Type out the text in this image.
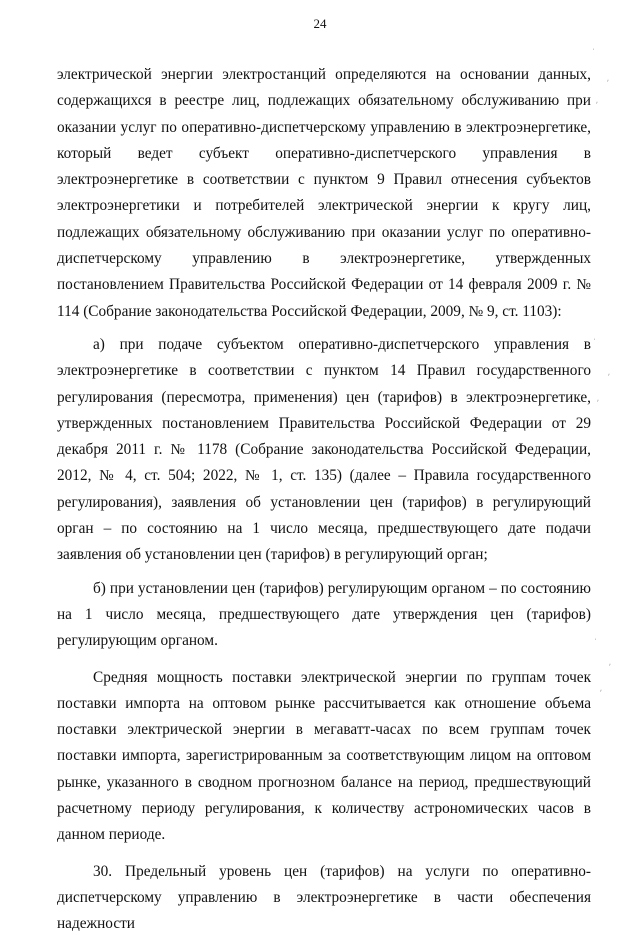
24

электрической энергии электростанций определяются на основании данных, содержащихся в реестре лиц, подлежащих обязательному обслуживанию при оказании услуг по оперативно-диспетчерскому управлению в электроэнергетике, который ведет субъект оперативно-диспетчерского управления в электроэнергетике в соответствии с пунктом 9 Правил отнесения субъектов электроэнергетики и потребителей электрической энергии к кругу лиц, подлежащих обязательному обслуживанию при оказании услуг по оперативно-диспетчерскому управлению в электроэнергетике, утвержденных постановлением Правительства Российской Федерации от 14 февраля 2009 г. № 114 (Собрание законодательства Российской Федерации, 2009, № 9, ст. 1103):

а) при подаче субъектом оперативно-диспетчерского управления в электроэнергетике в соответствии с пунктом 14 Правил государственного регулирования (пересмотра, применения) цен (тарифов) в электроэнергетике, утвержденных постановлением Правительства Российской Федерации от 29 декабря 2011 г. № 1178 (Собрание законодательства Российской Федерации, 2012, № 4, ст. 504; 2022, № 1, ст. 135) (далее – Правила государственного регулирования), заявления об установлении цен (тарифов) в регулирующий орган – по состоянию на 1 число месяца, предшествующего дате подачи заявления об установлении цен (тарифов) в регулирующий орган;

б) при установлении цен (тарифов) регулирующим органом – по состоянию на 1 число месяца, предшествующего дате утверждения цен (тарифов) регулирующим органом.

Средняя мощность поставки электрической энергии по группам точек поставки импорта на оптовом рынке рассчитывается как отношение объема поставки электрической энергии в мегаватт-часах по всем группам точек поставки импорта, зарегистрированным за соответствующим лицом на оптовом рынке, указанного в сводном прогнозном балансе на период, предшествующий расчетному периоду регулирования, к количеству астрономических часов в данном периоде.

30. Предельный уровень цен (тарифов) на услуги по оперативно-диспетчерскому управлению в электроэнергетике в части обеспечения надежности

ˌ
ʹ
ʹ
ˌ
ʹ
ʹ
ˌ
ʹ
ʹ
